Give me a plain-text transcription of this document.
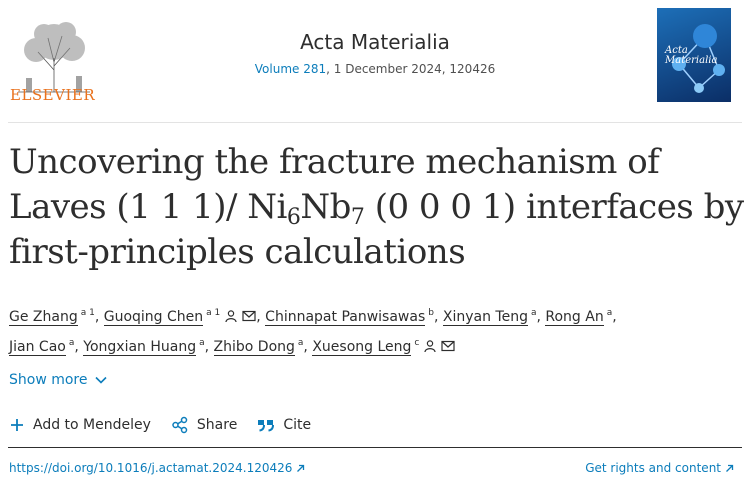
ELSEVIER
Acta Materialia
Volume 281, 1 December 2024, 120426
Acta Materialia
Uncovering the fracture mechanism of Laves (1 1 1)/ $Ni_6Nb_7$ (0 0 0 1) interfaces by first-principles calculations
Ge Zhang $^{a 1}$, Guoqing Chen $^{a 1}$	, Chinnapat Panwisawas $^b$, Xinyan Teng $^a$, Rong An $^a$,
Jian Cao $^a$, Yongxian Huang $^a$, Zhibo Dong $^a$, Xuesong Leng $^c$
Show more
Add to Mendeley	Share	Cite
https://doi.org/10.1016/j.actamat.2024.120426	Get rights and content
